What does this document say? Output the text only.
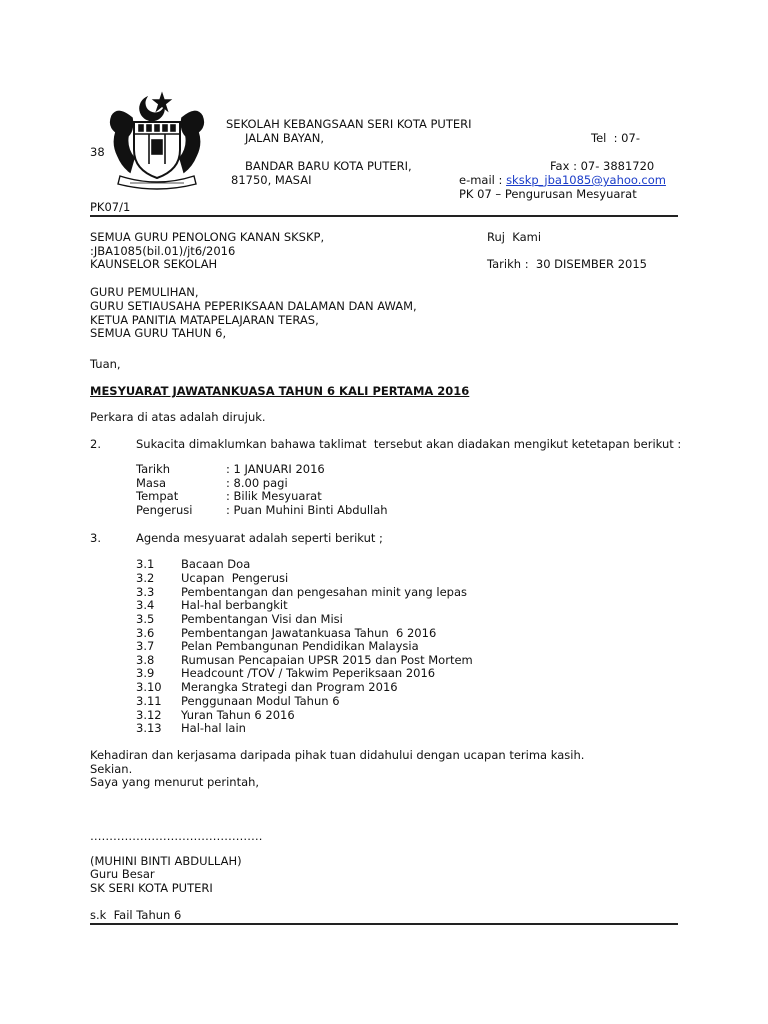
SEKOLAH KEBANGSAAN SERI KOTA PUTERI
JALAN BAYAN,	Tel  : 07-
38
BANDAR BARU KOTA PUTERI,	Fax : 07- 3881720
81750, MASAI	e-mail : skskp_jba1085@yahoo.com
PK 07 – Pengurusan Mesyuarat
PK07/1
SEMUA GURU PENOLONG KANAN SKSKP,	Ruj  Kami
:JBA1085(bil.01)/jt6/2016
KAUNSELOR SEKOLAH	Tarikh :  30 DISEMBER 2015
GURU PEMULIHAN,
GURU SETIAUSAHA PEPERIKSAAN DALAMAN DAN AWAM,
KETUA PANITIA MATAPELAJARAN TERAS,
SEMUA GURU TAHUN 6,
Tuan,
MESYUARAT JAWATANKUASA TAHUN 6 KALI PERTAMA 2016
Perkara di atas adalah dirujuk.
2.	Sukacita dimaklumkan bahawa taklimat  tersebut akan diadakan mengikut ketetapan berikut :
Tarikh	: 1 JANUARI 2016
Masa	: 8.00 pagi
Tempat	: Bilik Mesyuarat
Pengerusi	: Puan Muhini Binti Abdullah
3.	Agenda mesyuarat adalah seperti berikut ;
3.1 Bacaan Doa
3.2 Ucapan  Pengerusi
3.3 Pembentangan dan pengesahan minit yang lepas
3.4 Hal-hal berbangkit
3.5 Pembentangan Visi dan Misi
3.6 Pembentangan Jawatankuasa Tahun  6 2016
3.7 Pelan Pembangunan Pendidikan Malaysia
3.8 Rumusan Pencapaian UPSR 2015 dan Post Mortem
3.9 Headcount /TOV / Takwim Peperiksaan 2016
3.10 Merangka Strategi dan Program 2016
3.11 Penggunaan Modul Tahun 6
3.12 Yuran Tahun 6 2016
3.13 Hal-hal lain
Kehadiran dan kerjasama daripada pihak tuan didahului dengan ucapan terima kasih.
Sekian.
Saya yang menurut perintah,
………………………………………
(MUHINI BINTI ABDULLAH)
Guru Besar
SK SERI KOTA PUTERI
s.k  Fail Tahun 6
